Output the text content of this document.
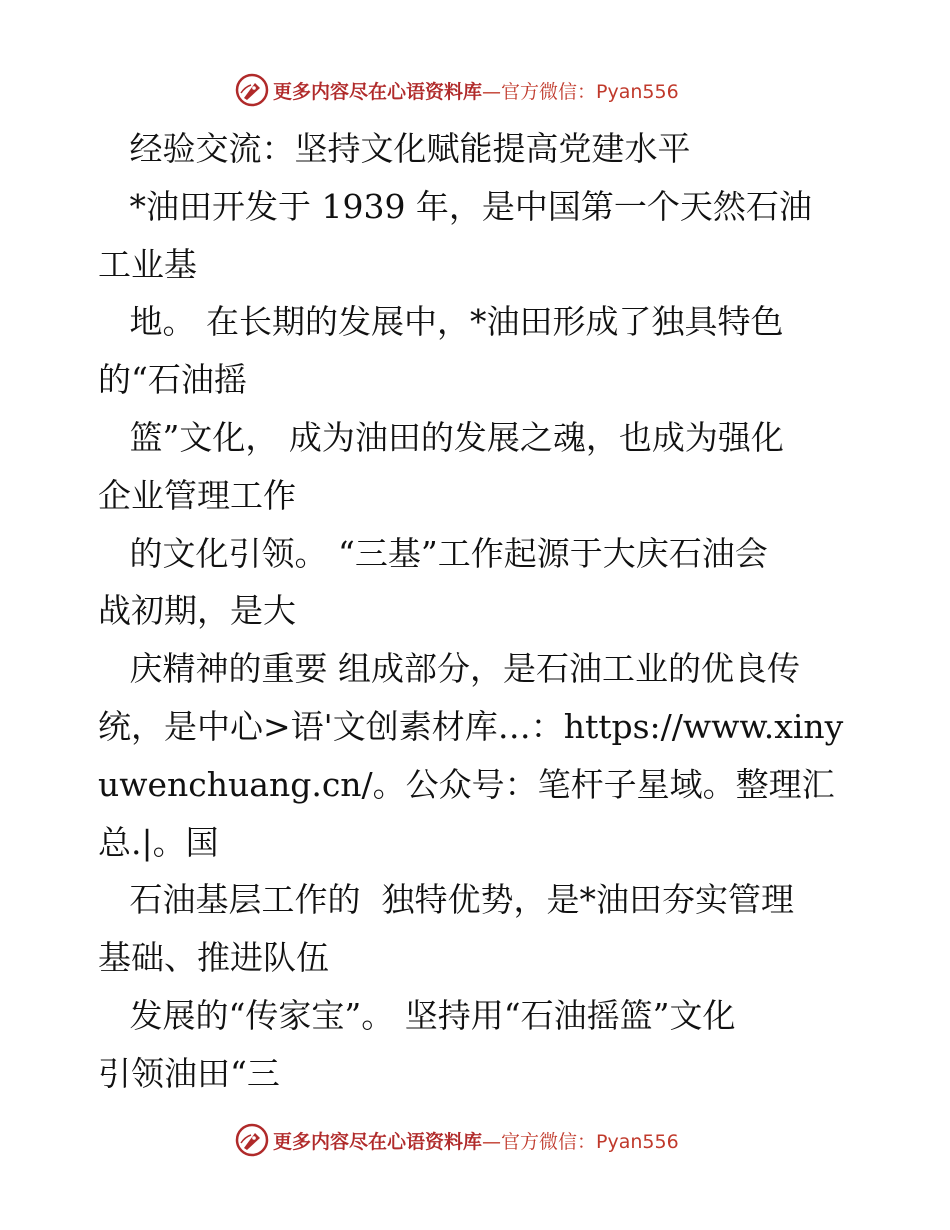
更多内容尽在心语资料库—官方微信：Pyan556
经验交流：坚持文化赋能提高党建水平
*油田开发于 1939 年，是中国第一个天然石油
工业基
地。 在长期的发展中，*油田形成了独具特色
的“石油摇
篮”文化， 成为油田的发展之魂，也成为强化
企业管理工作
的文化引领。 “三基”工作起源于大庆石油会
战初期，是大
庆精神的重要 组成部分，是石油工业的优良传
统，是中心>语'文创素材库…：https://www.xiny
uwenchuang.cn/。公众号：笔杆子星域。整理汇
总.|。国
石油基层工作的  独特优势，是*油田夯实管理
基础、推进队伍
发展的“传家宝”。 坚持用“石油摇篮”文化
引领油田“三
更多内容尽在心语资料库—官方微信：Pyan556
